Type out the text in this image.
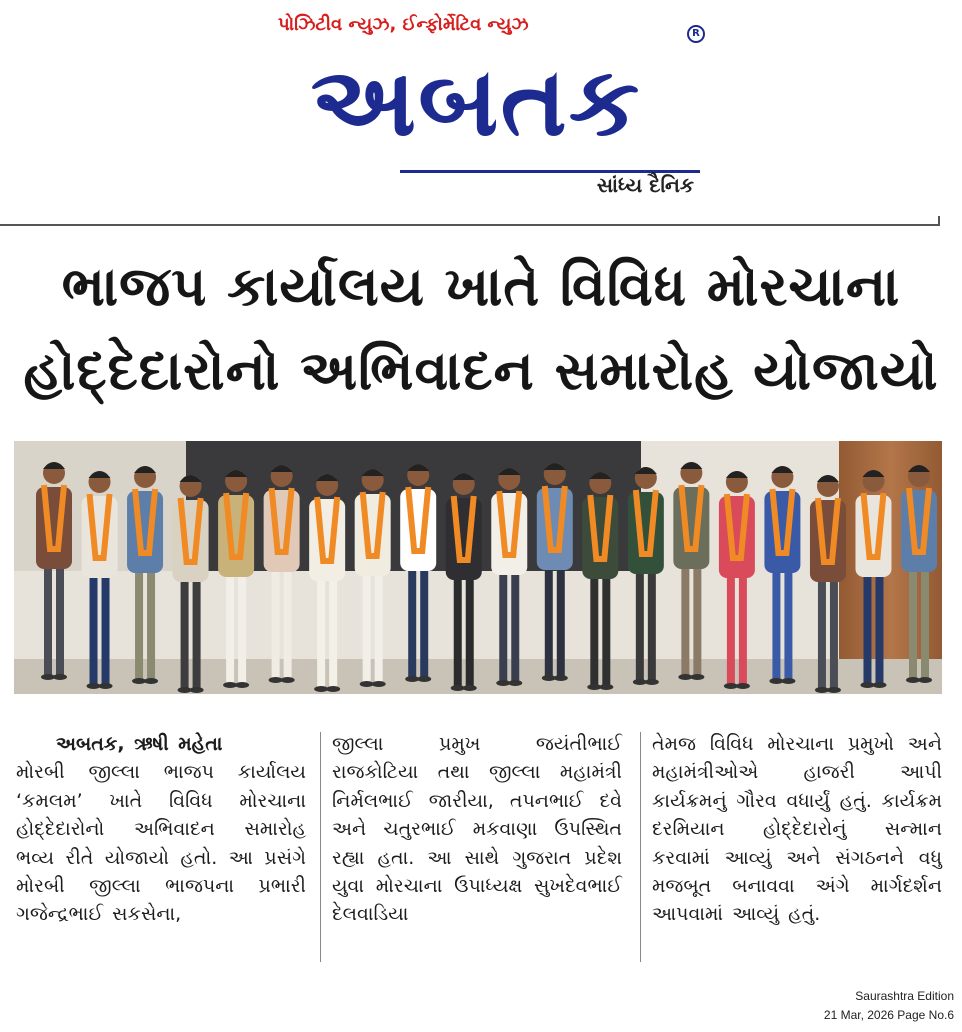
પોઝિટીવ ન્યુઝ, ઈન્ફોર્મેટિવ ન્યુઝ	R
અબતક
સાંધ્ય દૈનિક
ભાજપ કાર્યાલય ખાતે વિવિધ મોરચાના
હોદ્દેદારોનો અભિવાદન સમારોહ યોજાયો
અબતક, ઋષી મહેતા
મોરબી જીલ્લા ભાજપ કાર્યાલય ‘કમલમ’ ખાતે વિવિધ મોરચાના હોદ્દેદારોનો અભિવાદન સમારોહ ભવ્ય રીતે યોજાયો હતો. આ પ્રસંગે મોરબી જીલ્લા ભાજપના પ્રભારી ગજેન્દ્રભાઈ સકસેના,
જીલ્લા પ્રમુખ જયંતીભાઈ રાજકોટિયા તથા જીલ્લા મહામંત્રી નિર્મલભાઈ જારીયા, તપનભાઈ દવે અને ચતુરભાઈ મકવાણા ઉપસ્થિત રહ્યા હતા. આ સાથે ગુજરાત પ્રદેશ યુવા મોરચાના ઉપાધ્યક્ષ સુખદેવભાઈ દેલવાડિયા
તેમજ વિવિધ મોરચાના પ્રમુખો અને મહામંત્રીઓએ હાજરી આપી કાર્યક્રમનું ગૌરવ વધાર્યું હતું. કાર્યક્રમ દરમિયાન હોદ્દેદારોનું સન્માન કરવામાં આવ્યું અને સંગઠનને વધુ મજબૂત બનાવવા અંગે માર્ગદર્શન આપવામાં આવ્યું હતું.
Saurashtra Edition
21 Mar, 2026 Page No.6
